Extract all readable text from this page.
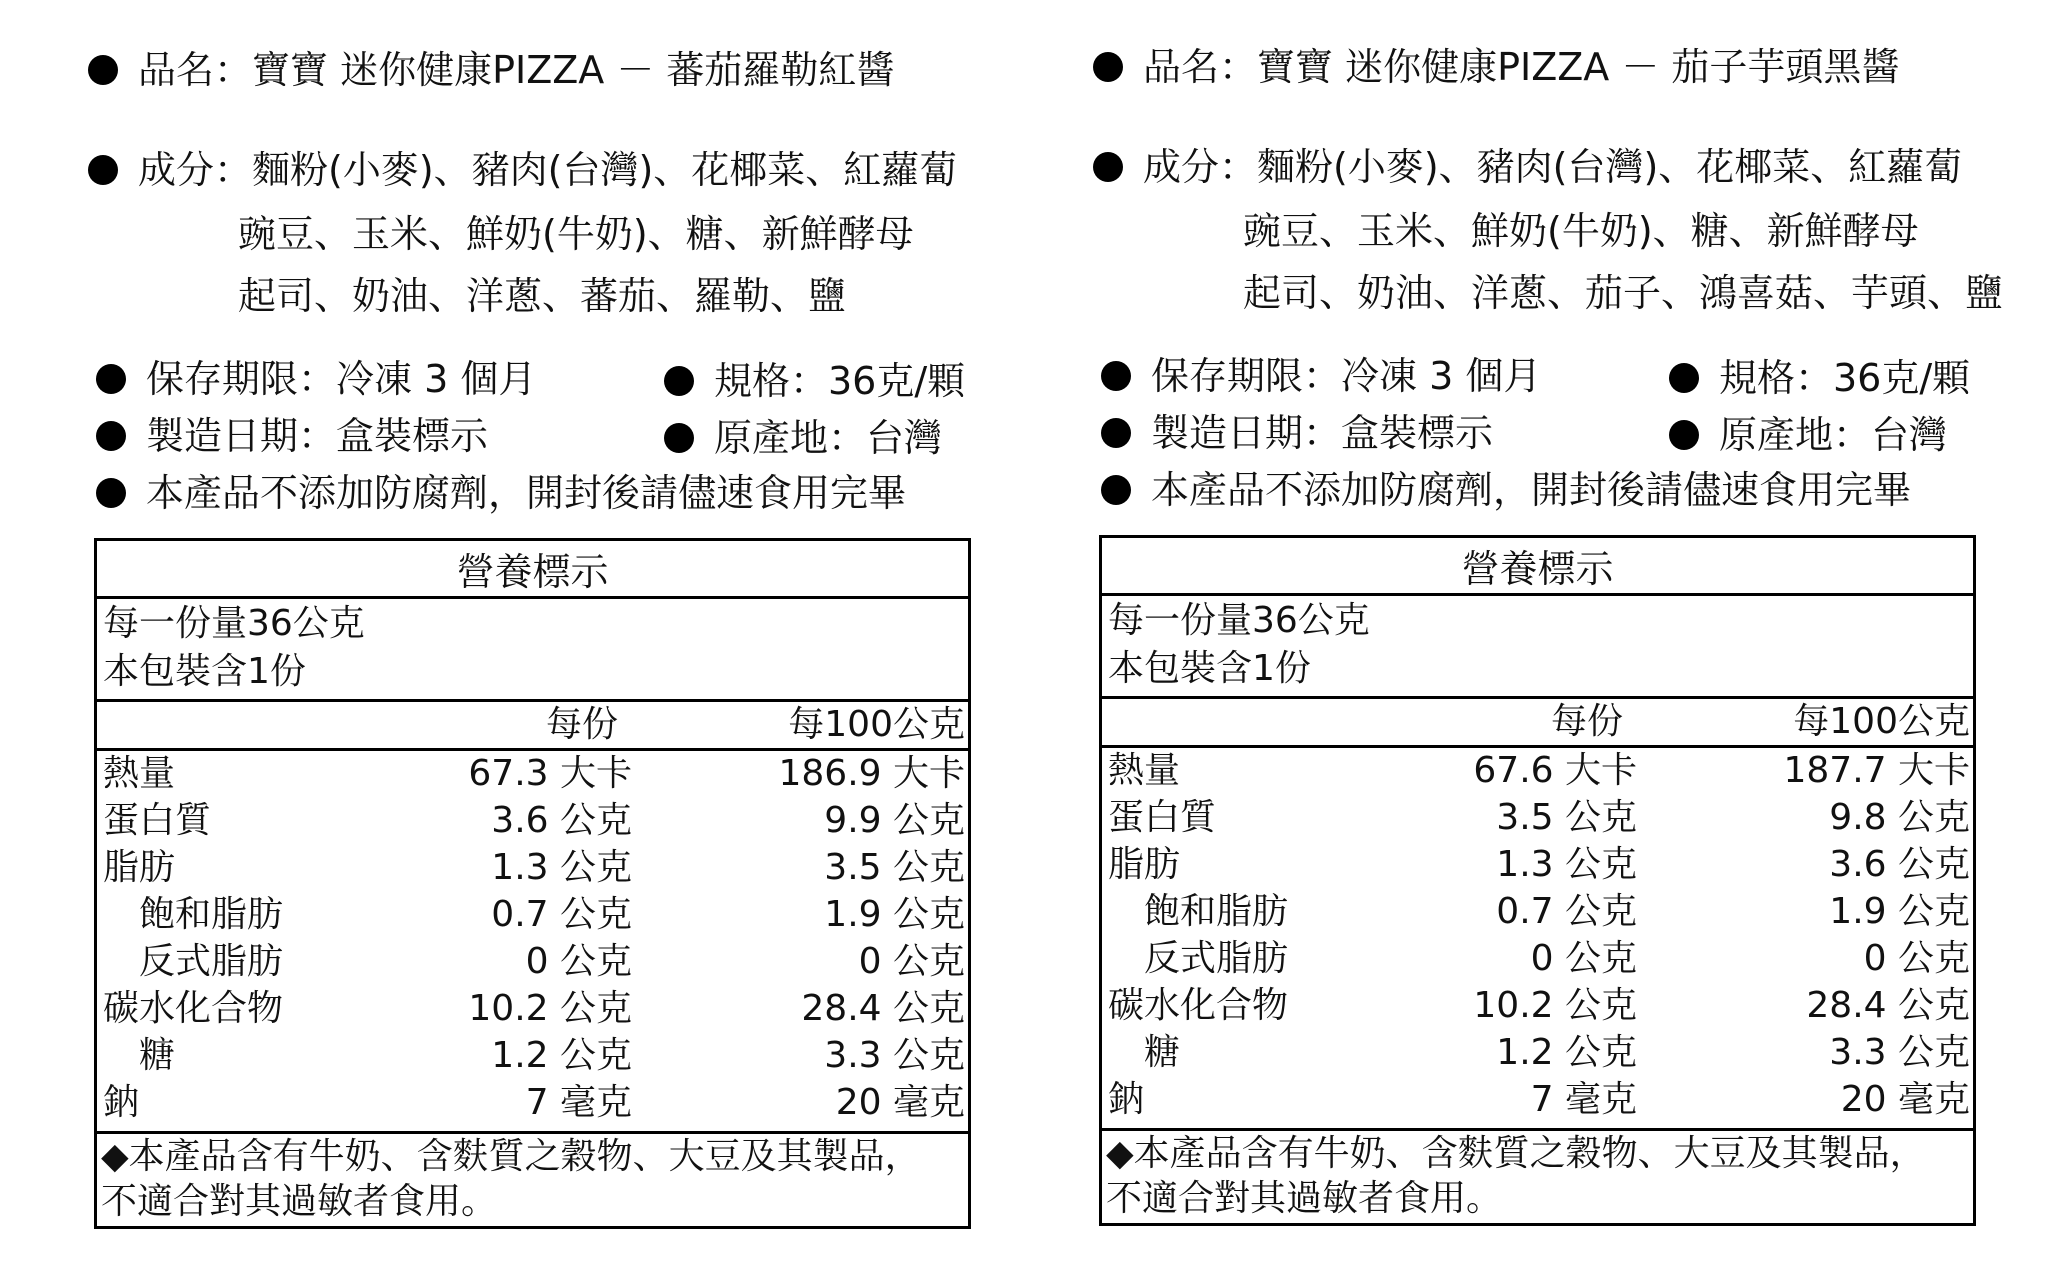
品名：寶寶 迷你健康PIZZA － 蕃茄羅勒紅醬
成分：麵粉(小麥)、豬肉(台灣)、花椰菜、紅蘿蔔
豌豆、玉米、鮮奶(牛奶)、糖、新鮮酵母
起司、奶油、洋蔥、蕃茄、羅勒、鹽
保存期限：冷凍 3 個月	規格：36克/顆
製造日期：盒裝標示	原產地：台灣
本產品不添加防腐劑，開封後請儘速食用完畢
營養標示
每一份量36公克
本包裝含1份
每份	每100公克
熱量	67.3 大卡	186.9 大卡
蛋白質	3.6 公克	9.9 公克
脂肪	1.3 公克	3.5 公克
飽和脂肪	0.7 公克	1.9 公克
反式脂肪	0 公克	0 公克
碳水化合物	10.2 公克	28.4 公克
糖	1.2 公克	3.3 公克
鈉	7 毫克	20 毫克
◆本產品含有牛奶、含麩質之穀物、大豆及其製品，
不適合對其過敏者食用。
品名：寶寶 迷你健康PIZZA － 茄子芋頭黑醬
成分：麵粉(小麥)、豬肉(台灣)、花椰菜、紅蘿蔔
豌豆、玉米、鮮奶(牛奶)、糖、新鮮酵母
起司、奶油、洋蔥、茄子、鴻喜菇、芋頭、鹽
保存期限：冷凍 3 個月	規格：36克/顆
製造日期：盒裝標示	原產地：台灣
本產品不添加防腐劑，開封後請儘速食用完畢
營養標示
每一份量36公克
本包裝含1份
每份	每100公克
熱量	67.6 大卡	187.7 大卡
蛋白質	3.5 公克	9.8 公克
脂肪	1.3 公克	3.6 公克
飽和脂肪	0.7 公克	1.9 公克
反式脂肪	0 公克	0 公克
碳水化合物	10.2 公克	28.4 公克
糖	1.2 公克	3.3 公克
鈉	7 毫克	20 毫克
◆本產品含有牛奶、含麩質之穀物、大豆及其製品，
不適合對其過敏者食用。
